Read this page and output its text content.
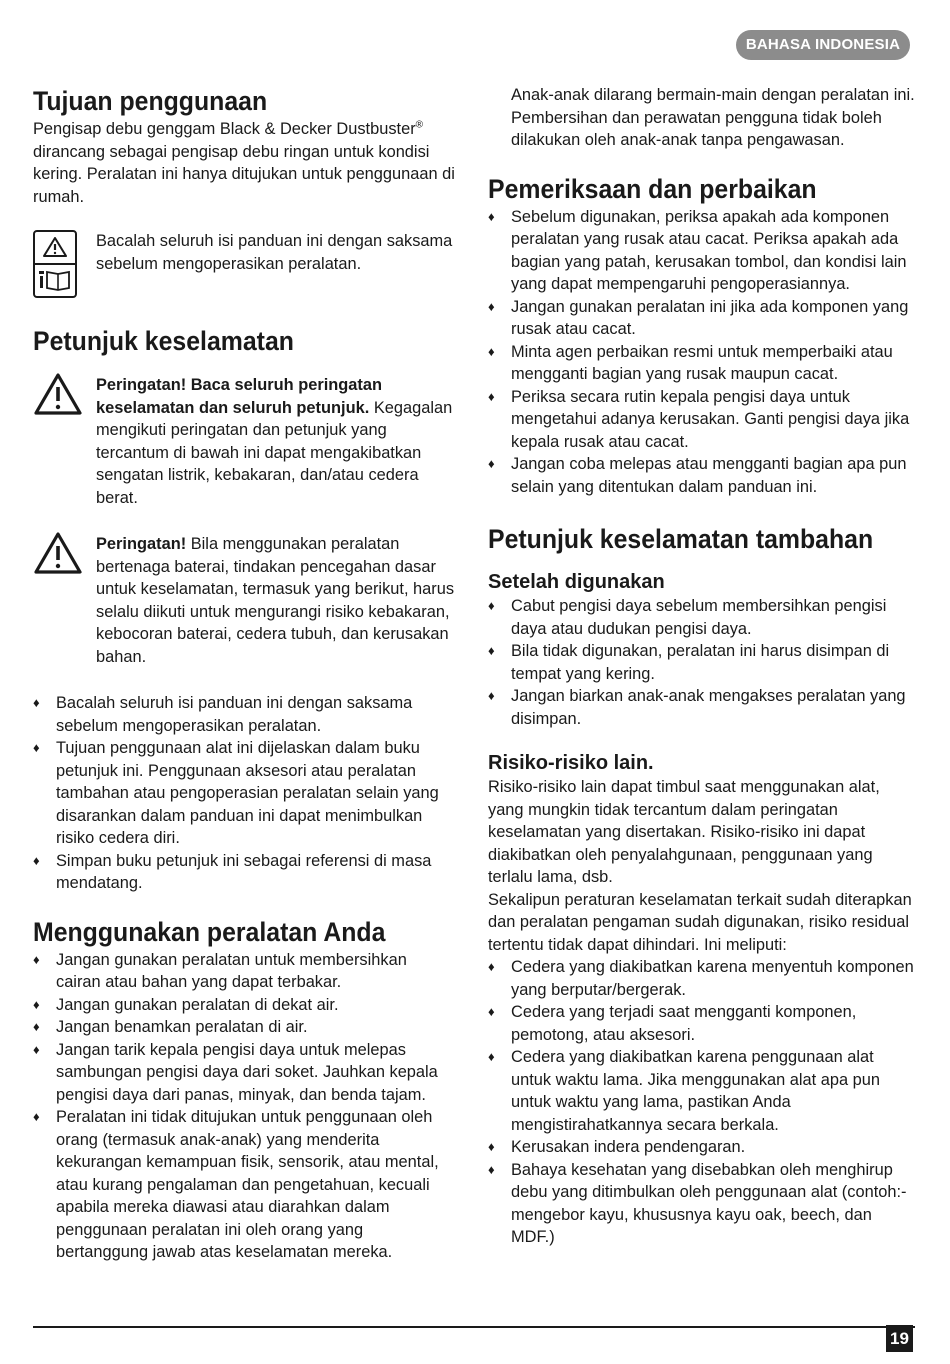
BAHASA INDONESIA
Tujuan penggunaan

Pengisap debu genggam Black & Decker Dustbuster® dirancang sebagai pengisap debu ringan untuk kondisi kering. Peralatan ini hanya ditujukan untuk penggunaan di rumah.

Bacalah seluruh isi panduan ini dengan saksama sebelum mengoperasikan peralatan.

Petunjuk keselamatan

Peringatan! Baca seluruh peringatan keselamatan dan seluruh petunjuk. Kegagalan mengikuti peringatan dan petunjuk yang tercantum di bawah ini dapat mengakibatkan sengatan listrik, kebakaran, dan/atau cedera berat.

Peringatan! Bila menggunakan peralatan bertenaga baterai, tindakan pencegahan dasar untuk keselamatan, termasuk yang berikut, harus selalu diikuti untuk mengurangi risiko kebakaran, kebocoran baterai, cedera tubuh, dan kerusakan bahan.

♦ Bacalah seluruh isi panduan ini dengan saksama sebelum mengoperasikan peralatan.
♦ Tujuan penggunaan alat ini dijelaskan dalam buku petunjuk ini. Penggunaan aksesori atau peralatan tambahan atau pengoperasian peralatan selain yang disarankan dalam panduan ini dapat menimbulkan risiko cedera diri.
♦ Simpan buku petunjuk ini sebagai referensi di masa mendatang.
Menggunakan peralatan Anda
♦ Jangan gunakan peralatan untuk membersihkan cairan atau bahan yang dapat terbakar.
♦ Jangan gunakan peralatan di dekat air.
♦ Jangan benamkan peralatan di air.
♦ Jangan tarik kepala pengisi daya untuk melepas sambungan pengisi daya dari soket. Jauhkan kepala pengisi daya dari panas, minyak, dan benda tajam.
♦ Peralatan ini tidak ditujukan untuk penggunaan oleh orang (termasuk anak-anak) yang menderita kekurangan kemampuan fisik, sensorik, atau mental, atau kurang pengalaman dan pengetahuan, kecuali apabila mereka diawasi atau diarahkan dalam penggunaan peralatan ini oleh orang yang bertanggung jawab atas keselamatan mereka.

Anak-anak dilarang bermain-main dengan peralatan ini. Pembersihan dan perawatan pengguna tidak boleh dilakukan oleh anak-anak tanpa pengawasan.

Pemeriksaan dan perbaikan
♦ Sebelum digunakan, periksa apakah ada komponen peralatan yang rusak atau cacat. Periksa apakah ada bagian yang patah, kerusakan tombol, dan kondisi lain yang dapat mempengaruhi pengoperasiannya.
♦ Jangan gunakan peralatan ini jika ada komponen yang rusak atau cacat.
♦ Minta agen perbaikan resmi untuk memperbaiki atau mengganti bagian yang rusak maupun cacat.
♦ Periksa secara rutin kepala pengisi daya untuk mengetahui adanya kerusakan. Ganti pengisi daya jika kepala rusak atau cacat.
♦ Jangan coba melepas atau mengganti bagian apa pun selain yang ditentukan dalam panduan ini.
Petunjuk keselamatan tambahan
Setelah digunakan
♦ Cabut pengisi daya sebelum membersihkan pengisi daya atau dudukan pengisi daya.
♦ Bila tidak digunakan, peralatan ini harus disimpan di tempat yang kering.
♦ Jangan biarkan anak-anak mengakses peralatan yang disimpan.
Risiko-risiko lain.

Risiko-risiko lain dapat timbul saat menggunakan alat, yang mungkin tidak tercantum dalam peringatan keselamatan yang disertakan. Risiko-risiko ini dapat diakibatkan oleh penyalahgunaan, penggunaan yang terlalu lama, dsb.

Sekalipun peraturan keselamatan terkait sudah diterapkan dan peralatan pengaman sudah digunakan, risiko residual tertentu tidak dapat dihindari. Ini meliputi:

♦ Cedera yang diakibatkan karena menyentuh komponen yang berputar/bergerak.
♦ Cedera yang terjadi saat mengganti komponen, pemotong, atau aksesori.
♦ Cedera yang diakibatkan karena penggunaan alat untuk waktu lama. Jika menggunakan alat apa pun untuk waktu yang lama, pastikan Anda mengistirahatkannya secara berkala.
♦ Kerusakan indera pendengaran.
♦ Bahaya kesehatan yang disebabkan oleh menghirup debu yang ditimbulkan oleh penggunaan alat (contoh:- mengebor kayu, khususnya kayu oak, beech, dan MDF.)
19
